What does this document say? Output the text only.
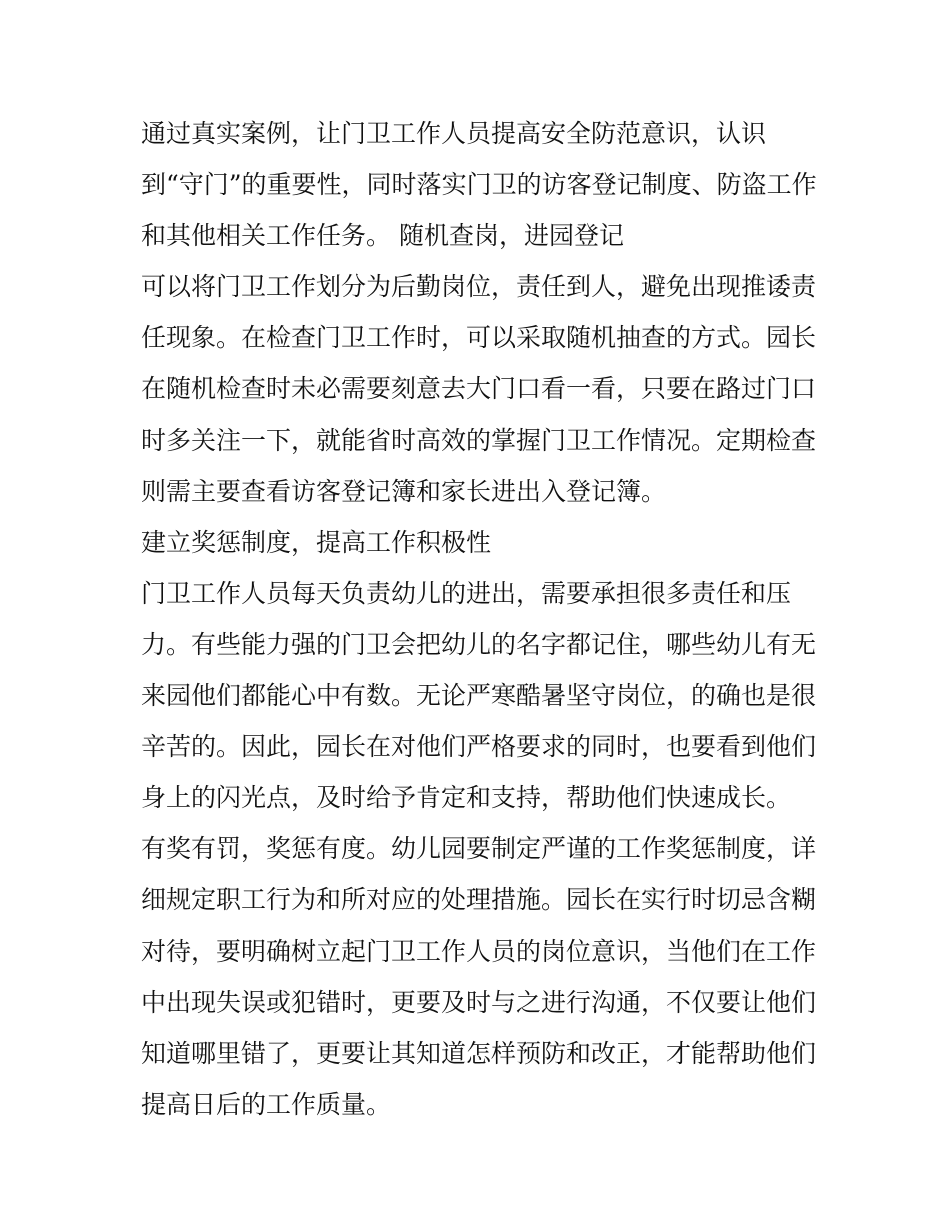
通过真实案例，让门卫工作人员提高安全防范意识，认识
到“守门”的重要性，同时落实门卫的访客登记制度、防盗工作
和其他相关工作任务。 随机查岗，进园登记
可以将门卫工作划分为后勤岗位，责任到人，避免出现推诿责
任现象。在检查门卫工作时，可以采取随机抽查的方式。园长
在随机检查时未必需要刻意去大门口看一看，只要在路过门口
时多关注一下，就能省时高效的掌握门卫工作情况。定期检查
则需主要查看访客登记簿和家长进出入登记簿。
建立奖惩制度，提高工作积极性
门卫工作人员每天负责幼儿的进出，需要承担很多责任和压
力。有些能力强的门卫会把幼儿的名字都记住，哪些幼儿有无
来园他们都能心中有数。无论严寒酷暑坚守岗位，的确也是很
辛苦的。因此，园长在对他们严格要求的同时，也要看到他们
身上的闪光点，及时给予肯定和支持，帮助他们快速成长。
有奖有罚，奖惩有度。幼儿园要制定严谨的工作奖惩制度，详
细规定职工行为和所对应的处理措施。园长在实行时切忌含糊
对待，要明确树立起门卫工作人员的岗位意识，当他们在工作
中出现失误或犯错时，更要及时与之进行沟通，不仅要让他们
知道哪里错了，更要让其知道怎样预防和改正，才能帮助他们
提高日后的工作质量。
